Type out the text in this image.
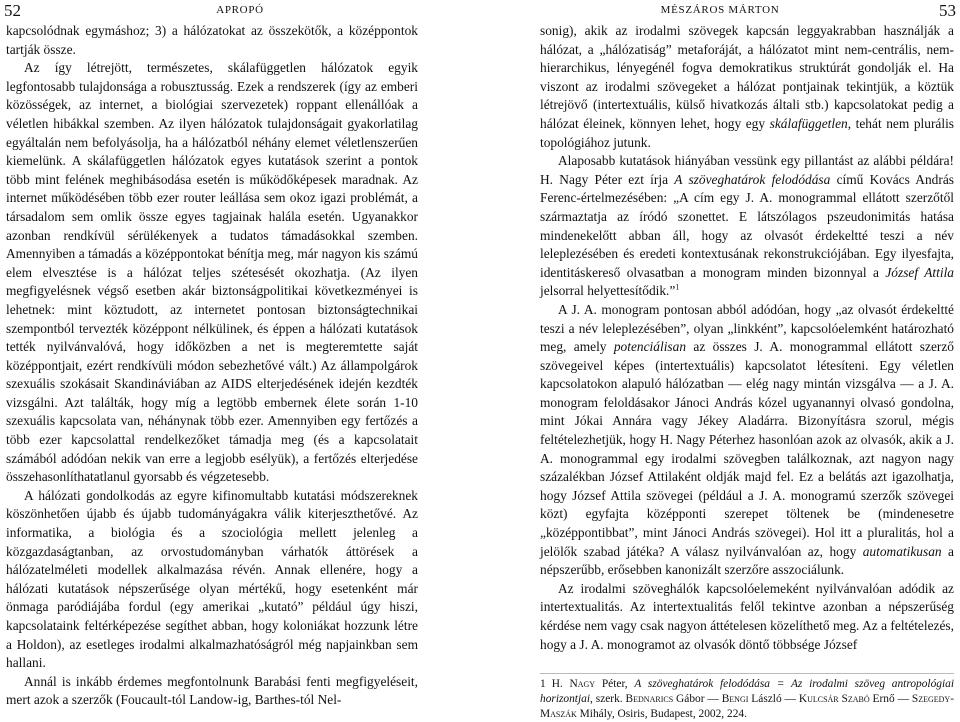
52	APROPÓ

kapcsolódnak egymáshoz; 3) a hálózatokat az összekötők, a középpontok tartják össze.

Az így létrejött, természetes, skálafüggetlen hálózatok egyik legfontosabb tulajdonsága a robusztusság. Ezek a rendszerek (így az emberi közösségek, az internet, a biológiai szervezetek) roppant ellenállóak a véletlen hibákkal szemben. Az ilyen hálózatok tulajdonságait gyakorlatilag egyáltalán nem befolyásolja, ha a hálózatból néhány elemet véletlenszerűen kiemelünk. A skálafüggetlen hálózatok egyes kutatások szerint a pontok több mint felének meghibásodása esetén is működőképesek maradnak. Az internet működésében több ezer router leállása sem okoz igazi problémát, a társadalom sem omlik össze egyes tagjainak halála esetén. Ugyanakkor azonban rendkívül sérülékenyek a tudatos támadásokkal szemben. Amennyiben a támadás a középpontokat bénítja meg, már nagyon kis számú elem elvesztése is a hálózat teljes szétesését okozhatja. (Az ilyen megfigyelésnek végső esetben akár biztonságpolitikai következményei is lehetnek: mint köztudott, az internetet pontosan biztonságtechnikai szempontból tervezték középpont nélkülinek, és éppen a hálózati kutatások tették nyilvánvalóvá, hogy időközben a net is megteremtette saját középpontjait, ezért rendkívüli módon sebezhetővé vált.) Az állampolgárok szexuális szokásait Skandináviában az AIDS elterjedésének idején kezdték vizsgálni. Azt találták, hogy míg a legtöbb embernek élete során 1-10 szexuális kapcsolata van, néhánynak több ezer. Amennyiben egy fertőzés a több ezer kapcsolattal rendelkezőket támadja meg (és a kapcsolatait számából adódóan nekik van erre a legjobb esélyük), a fertőzés elterjedése összehasonlíthatatlanul gyorsabb és végzetesebb.

A hálózati gondolkodás az egyre kifinomultabb kutatási módszereknek köszönhetően újabb és újabb tudományágakra válik kiterjeszthetővé. Az informatika, a biológia és a szociológia mellett jelenleg a közgazdaságtanban, az orvostudományban várhatók áttörések a hálózatelméleti modellek alkalmazása révén. Annak ellenére, hogy a hálózati kutatások népszerűsége olyan mértékű, hogy esetenként már önmaga paródiájába fordul (egy amerikai „kutató” például úgy hiszi, kapcsolataink feltérképezése segíthet abban, hogy koloniákat hozzunk létre a Holdon), az esetleges irodalmi alkalmazhatóságról még napjainkban sem hallani.

Annál is inkább érdemes megfontolnunk Barabási fenti megfigyeléseit, mert azok a szerzők (Foucault-tól Landow-ig, Barthes-tól Nel-

MÉSZÁROS MÁRTON	53

sonig), akik az irodalmi szövegek kapcsán leggyakrabban használják a hálózat, a „hálózatiság” metaforáját, a hálózatot mint nem-centrális, nem-hierarchikus, lényegénél fogva demokratikus struktúrát gondolják el. Ha viszont az irodalmi szövegeket a hálózat pontjainak tekintjük, a köztük létrejövő (intertextuális, külső hivatkozás általi stb.) kapcsolatokat pedig a hálózat éleinek, könnyen lehet, hogy egy skálafüggetlen, tehát nem plurális topológiához jutunk.

Alaposabb kutatások hiányában vessünk egy pillantást az alábbi példára! H. Nagy Péter ezt írja A szöveghatárok felodódása című Kovács András Ferenc-értelmezésében: „A cím egy J. A. monogrammal ellátott szerzőtől származtatja az íródó szonettet. E látszólagos pszeudonimitás hatása mindenekelőtt abban áll, hogy az olvasót érdekeltté teszi a név leleplezésében és eredeti kontextusának rekonstrukciójában. Egy ilyesfajta, identitáskereső olvasatban a monogram minden bizonnyal a József Attila jelsorral helyettesítődik.”$^1$

A J. A. monogram pontosan abból adódóan, hogy „az olvasót érdekeltté teszi a név leleplezésében”, olyan „linkként”, kapcsolóelemként határozható meg, amely potenciálisan az összes J. A. monogrammal ellátott szerző szövegeivel képes (intertextuális) kapcsolatot létesíteni. Egy véletlen kapcsolatokon alapuló hálózatban — elég nagy mintán vizsgálva — a J. A. monogram feloldásakor Jánoci András kózel ugyanannyi olvasó gondolna, mint Jókai Annára vagy Jékey Aladárra. Bizonyításra szorul, mégis feltételezhetjük, hogy H. Nagy Péterhez hasonlóan azok az olvasók, akik a J. A. monogrammal egy irodalmi szövegben találkoznak, azt nagyon nagy százalékban József Attilaként oldják majd fel. Ez a belátás azt igazolhatja, hogy József Attila szövegei (például a J. A. monogramú szerzők szövegei közt) egyfajta középponti szerepet töltenek be (mindenesetre „középpontibbat”, mint Jánoci András szövegei). Hol itt a pluralitás, hol a jelölők szabad játéka? A válasz nyilvánvalóan az, hogy automatikusan a népszerűbb, erősebben kanonizált szerzőre asszociálunk.

Az irodalmi szöveghálók kapcsolóelemeként nyilvánvalóan adódik az intertextualitás. Az intertextualitás felől tekintve azonban a népszerűség kérdése nem vagy csak nagyon áttételesen közelíthető meg. Az a feltételezés, hogy a J. A. monogramot az olvasók döntő többsége József

1 H. Nagy Péter, A szöveghatárok felodódása = Az irodalmi szöveg antropológiai horizontjai, szerk. Bednarics Gábor — Bengi László — Kulcsár Szabó Ernő — Szegedy-Maszák Mihály, Osiris, Budapest, 2002, 224.
